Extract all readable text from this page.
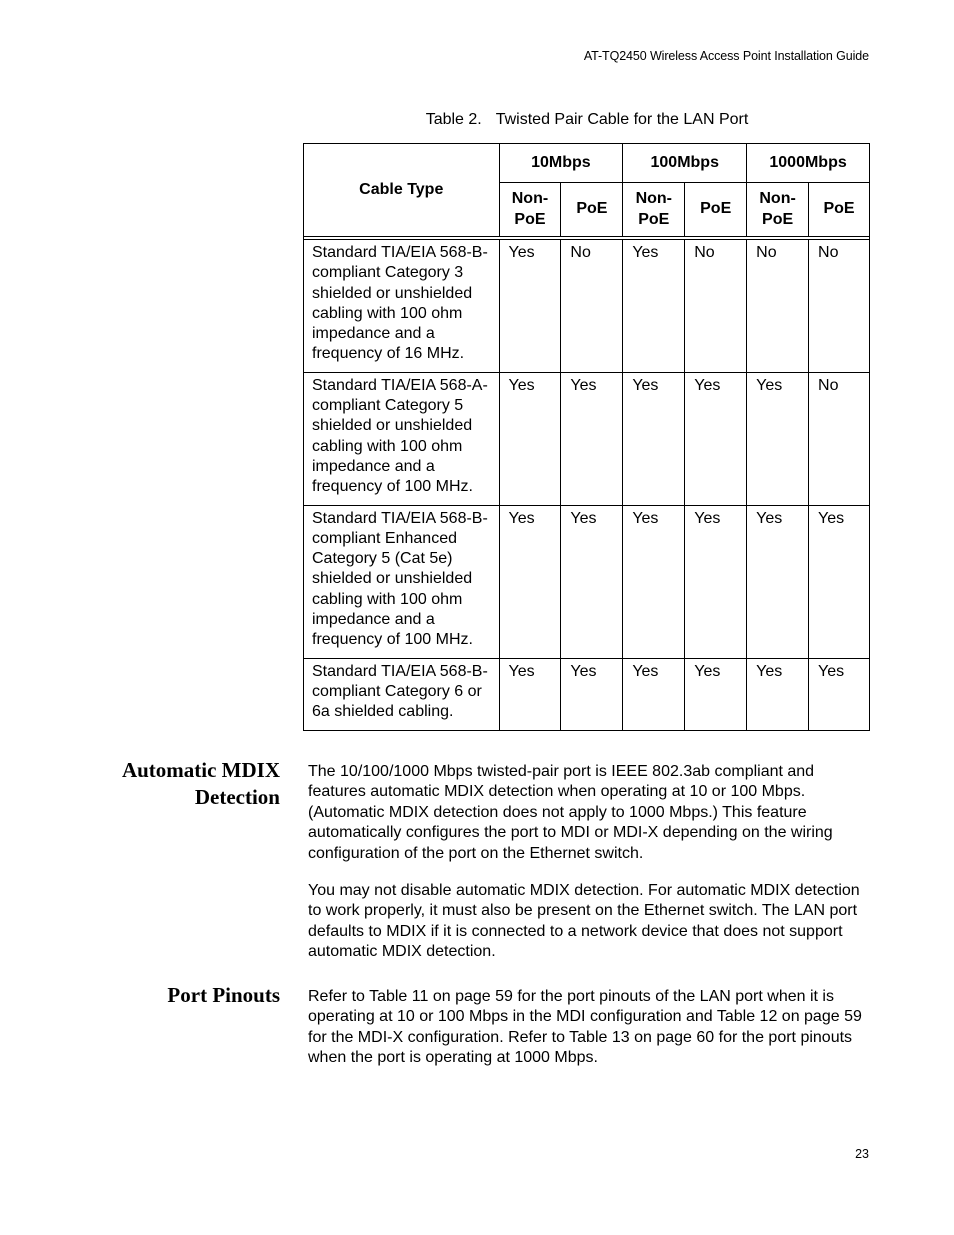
AT-TQ2450 Wireless Access Point Installation Guide
Table 2. Twisted Pair Cable for the LAN Port
Cable Type	10Mbps		100Mbps		1000Mbps	
	Non-PoE	PoE	Non-PoE	PoE	Non-PoE	PoE

Standard TIA/EIA 568-B-compliant Category 3 shielded or unshielded cabling with 100 ohm impedance and a frequency of 16 MHz.	Yes	No	Yes	No	No	No
Standard TIA/EIA 568-A-compliant Category 5 shielded or unshielded cabling with 100 ohm impedance and a frequency of 100 MHz.	Yes	Yes	Yes	Yes	Yes	No
Standard TIA/EIA 568-B-compliant Enhanced Category 5 (Cat 5e) shielded or unshielded cabling with 100 ohm impedance and a frequency of 100 MHz.	Yes	Yes	Yes	Yes	Yes	Yes
Standard TIA/EIA 568-B-compliant Category 6 or 6a shielded cabling.	Yes	Yes	Yes	Yes	Yes	Yes
Automatic MDIX
Detection
The 10/100/1000 Mbps twisted-pair port is IEEE 802.3ab compliant and features automatic MDIX detection when operating at 10 or 100 Mbps. (Automatic MDIX detection does not apply to 1000 Mbps.) This feature automatically configures the port to MDI or MDI-X depending on the wiring configuration of the port on the Ethernet switch.
You may not disable automatic MDIX detection. For automatic MDIX detection to work properly, it must also be present on the Ethernet switch. The LAN port defaults to MDIX if it is connected to a network device that does not support automatic MDIX detection.
Port Pinouts Refer to Table 11 on page 59 for the port pinouts of the LAN port when it is operating at 10 or 100 Mbps in the MDI configuration and Table 12 on page 59 for the MDI-X configuration. Refer to Table 13 on page 60 for the port pinouts when the port is operating at 1000 Mbps.
23
